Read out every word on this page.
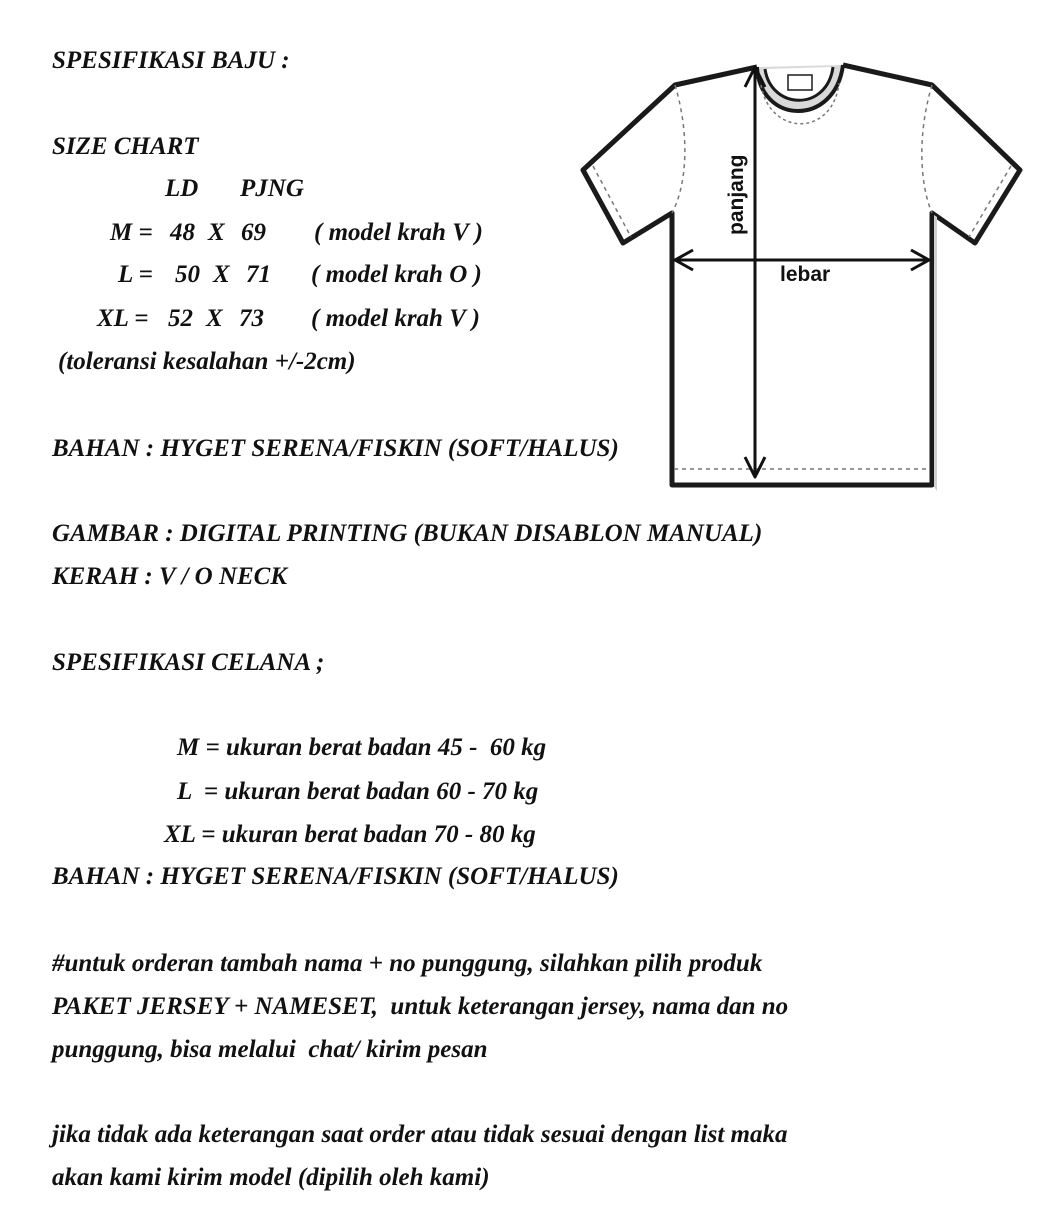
SPESIFIKASI BAJU :
SIZE CHART
LD PJNG
M = 48 X 69 ( model krah V )
L = 50 X 71 ( model krah O )
XL = 52 X 73 ( model krah V )
(toleransi kesalahan +/-2cm)
BAHAN : HYGET SERENA/FISKIN (SOFT/HALUS)
GAMBAR : DIGITAL PRINTING (BUKAN DISABLON MANUAL)
KERAH : V / O NECK
panjang
lebar
SPESIFIKASI CELANA ;
M = ukuran berat badan 45 -  60 kg
L  = ukuran berat badan 60 - 70 kg
XL = ukuran berat badan 70 - 80 kg
BAHAN : HYGET SERENA/FISKIN (SOFT/HALUS)
#untuk orderan tambah nama + no punggung, silahkan pilih produk
PAKET JERSEY + NAMESET,  untuk keterangan jersey, nama dan no
punggung, bisa melalui  chat/ kirim pesan
jika tidak ada keterangan saat order atau tidak sesuai dengan list maka
akan kami kirim model (dipilih oleh kami)
